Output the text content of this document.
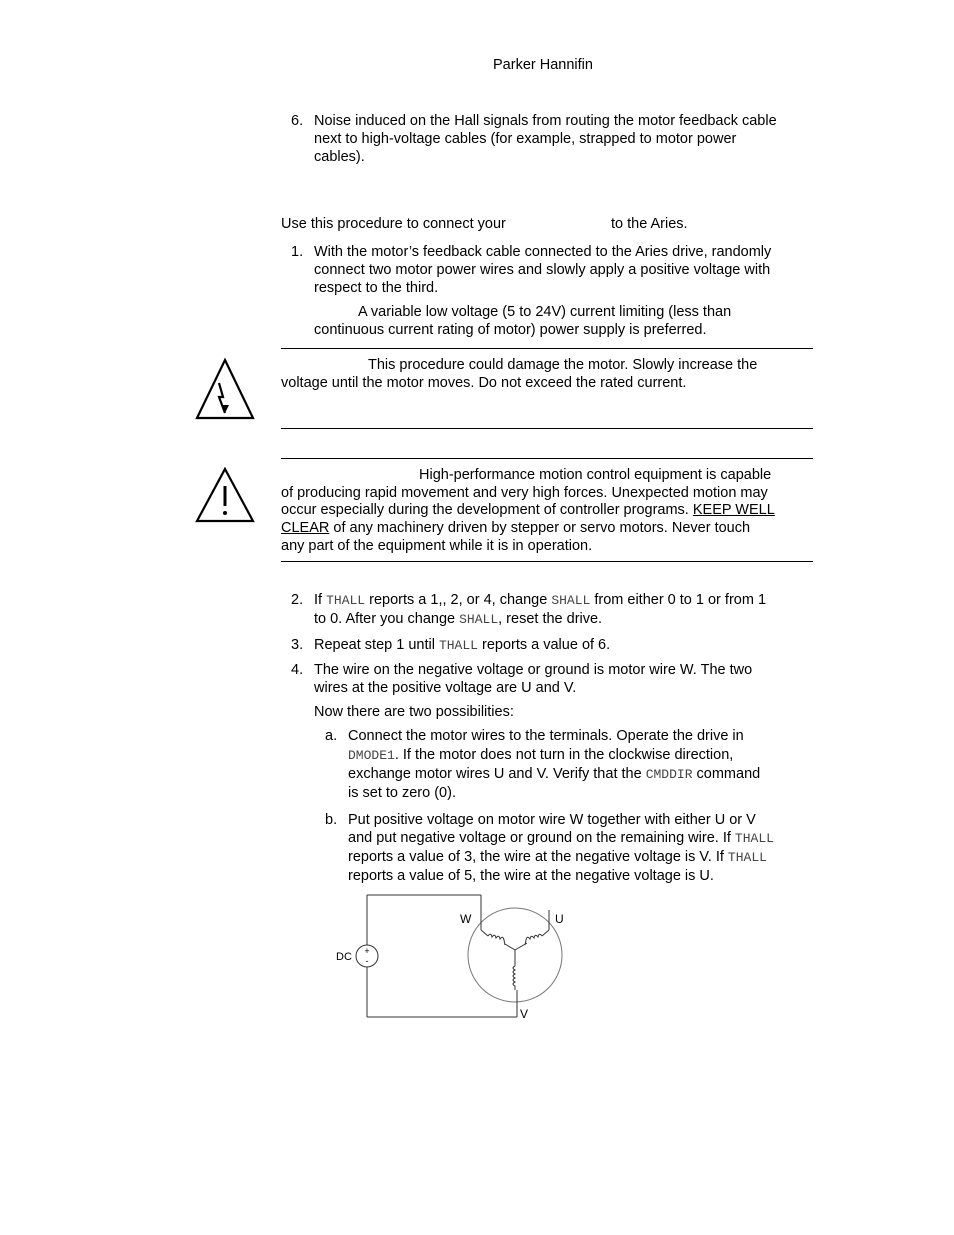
Parker Hannifin
6. Noise induced on the Hall signals from routing the motor feedback cable
next to high-voltage cables (for example, strapped to motor power
cables).
Use this procedure to connect your	to the Aries.
1. With the motor’s feedback cable connected to the Aries drive, randomly
connect two motor power wires and slowly apply a positive voltage with
respect to the third.
A variable low voltage (5 to 24V) current limiting (less than
continuous current rating of motor) power supply is preferred.
This procedure could damage the motor. Slowly increase the
voltage until the motor moves. Do not exceed the rated current.
High-performance motion control equipment is capable
of producing rapid movement and very high forces. Unexpected motion may
occur especially during the development of controller programs. KEEP WELL
CLEAR of any machinery driven by stepper or servo motors. Never touch
any part of the equipment while it is in operation.
2. If THALL reports a 1,, 2, or 4, change SHALL from either 0 to 1 or from 1
to 0. After you change SHALL, reset the drive.
3. Repeat step 1 until THALL reports a value of 6.
4. The wire on the negative voltage or ground is motor wire W. The two
wires at the positive voltage are U and V.
Now there are two possibilities:
a. Connect the motor wires to the terminals. Operate the drive in
DMODE1. If the motor does not turn in the clockwise direction,
exchange motor wires U and V. Verify that the CMDDIR command
is set to zero (0).
b. Put positive voltage on motor wire W together with either U or V
and put negative voltage or ground on the remaining wire. If THALL
reports a value of 3, the wire at the negative voltage is V. If THALL
reports a value of 5, the wire at the negative voltage is U.
+
-
DC
W	U
V
